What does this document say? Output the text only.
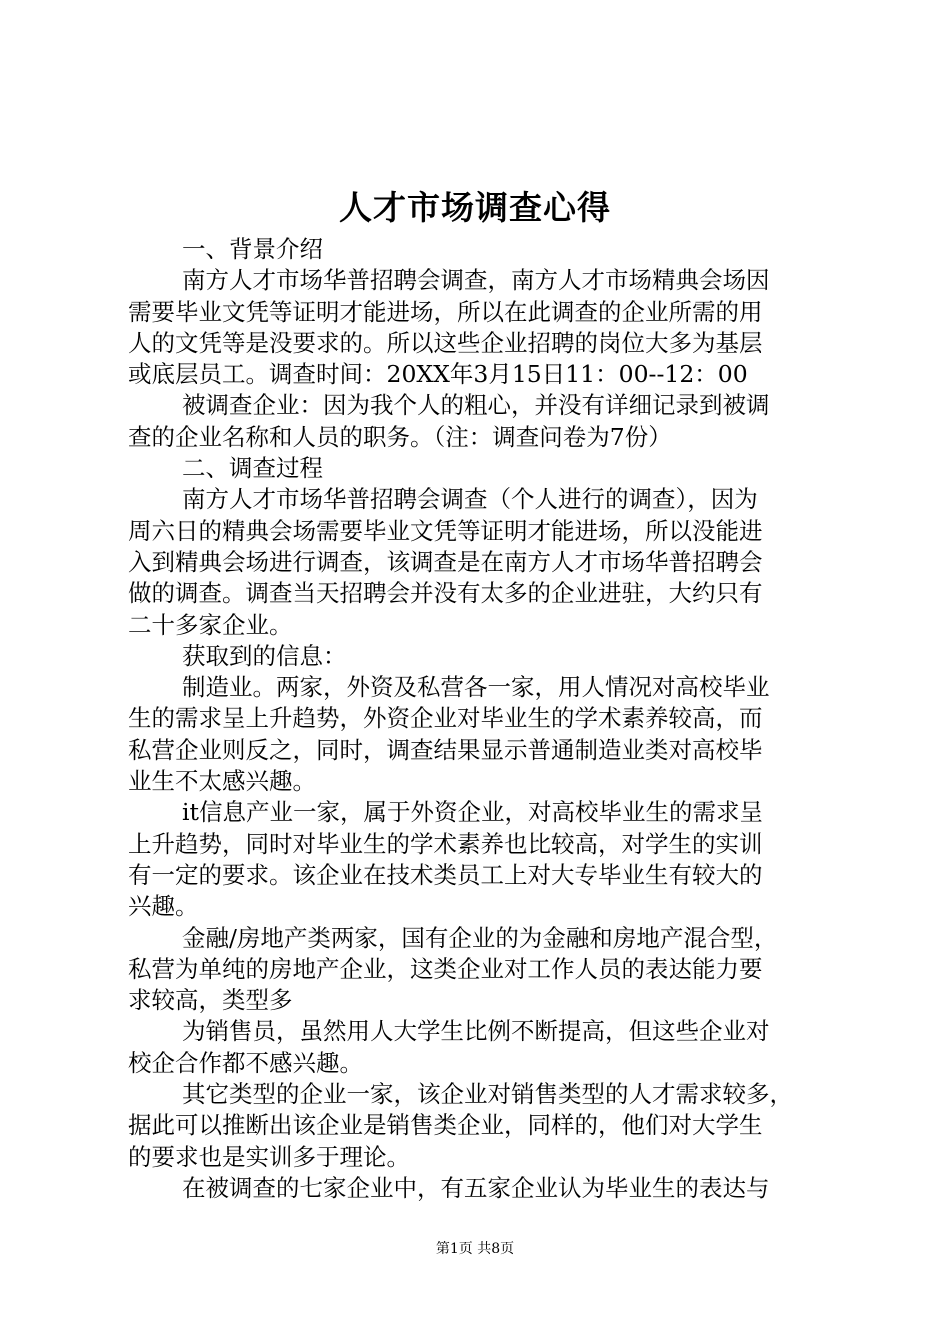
人才市场调查心得
一、背景介绍
南方人才市场华普招聘会调查，南方人才市场精典会场因
需要毕业文凭等证明才能进场，所以在此调查的企业所需的用
人的文凭等是没要求的。所以这些企业招聘的岗位大多为基层
或底层员工。调查时间：20XX年3月15日11：00--12：00
被调查企业：因为我个人的粗心，并没有详细记录到被调
查的企业名称和人员的职务。（注：调查问卷为7份）
二、调查过程
南方人才市场华普招聘会调查（个人进行的调查），因为
周六日的精典会场需要毕业文凭等证明才能进场，所以没能进
入到精典会场进行调查，该调查是在南方人才市场华普招聘会
做的调查。调查当天招聘会并没有太多的企业进驻，大约只有
二十多家企业。
获取到的信息：
制造业。两家，外资及私营各一家，用人情况对高校毕业
生的需求呈上升趋势，外资企业对毕业生的学术素养较高，而
私营企业则反之，同时，调查结果显示普通制造业类对高校毕
业生不太感兴趣。
it信息产业一家，属于外资企业，对高校毕业生的需求呈
上升趋势，同时对毕业生的学术素养也比较高，对学生的实训
有一定的要求。该企业在技术类员工上对大专毕业生有较大的
兴趣。
金融/房地产类两家，国有企业的为金融和房地产混合型，
私营为单纯的房地产企业，这类企业对工作人员的表达能力要
求较高，类型多
为销售员，虽然用人大学生比例不断提高，但这些企业对
校企合作都不感兴趣。
其它类型的企业一家，该企业对销售类型的人才需求较多，
据此可以推断出该企业是销售类企业，同样的，他们对大学生
的要求也是实训多于理论。
在被调查的七家企业中，有五家企业认为毕业生的表达与
第1页 共8页
